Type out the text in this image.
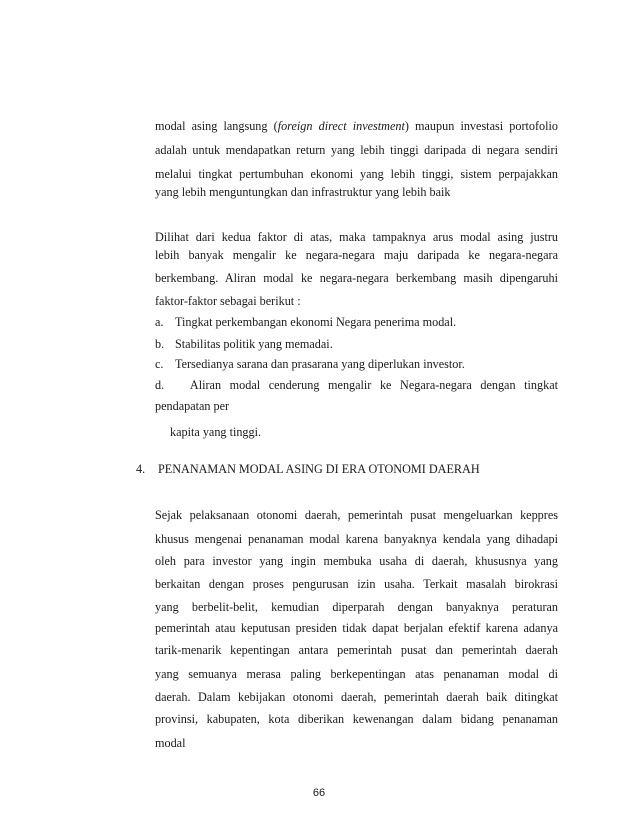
modal asing langsung (foreign direct investment) maupun investasi portofolio
adalah untuk mendapatkan return yang lebih tinggi daripada di negara sendiri
melalui tingkat pertumbuhan ekonomi yang lebih tinggi, sistem perpajakkan
yang lebih menguntungkan dan infrastruktur yang lebih baik
Dilihat dari kedua faktor di atas, maka tampaknya arus modal asing justru
lebih banyak mengalir ke negara-negara maju daripada ke negara-negara
berkembang. Aliran modal ke negara-negara berkembang masih dipengaruhi
faktor-faktor sebagai berikut :
a. Tingkat perkembangan ekonomi Negara penerima modal.
b. Stabilitas politik yang memadai.
c. Tersedianya sarana dan prasarana yang diperlukan investor.
d. Aliran modal cenderung mengalir ke Negara-negara dengan tingkat
pendapatan per
kapita yang tinggi.
4. PENANAMAN MODAL ASING DI ERA OTONOMI DAERAH
Sejak pelaksanaan otonomi daerah, pemerintah pusat mengeluarkan keppres
khusus mengenai penanaman modal karena banyaknya kendala yang dihadapi
oleh para investor yang ingin membuka usaha di daerah, khususnya yang
berkaitan dengan proses pengurusan izin usaha. Terkait masalah birokrasi
yang berbelit-belit, kemudian diperparah dengan banyaknya peraturan
pemerintah atau keputusan presiden tidak dapat berjalan efektif karena adanya
tarik-menarik kepentingan antara pemerintah pusat dan pemerintah daerah
yang semuanya merasa paling berkepentingan atas penanaman modal di
daerah. Dalam kebijakan otonomi daerah, pemerintah daerah baik ditingkat
provinsi, kabupaten, kota diberikan kewenangan dalam bidang penanaman
modal
66
